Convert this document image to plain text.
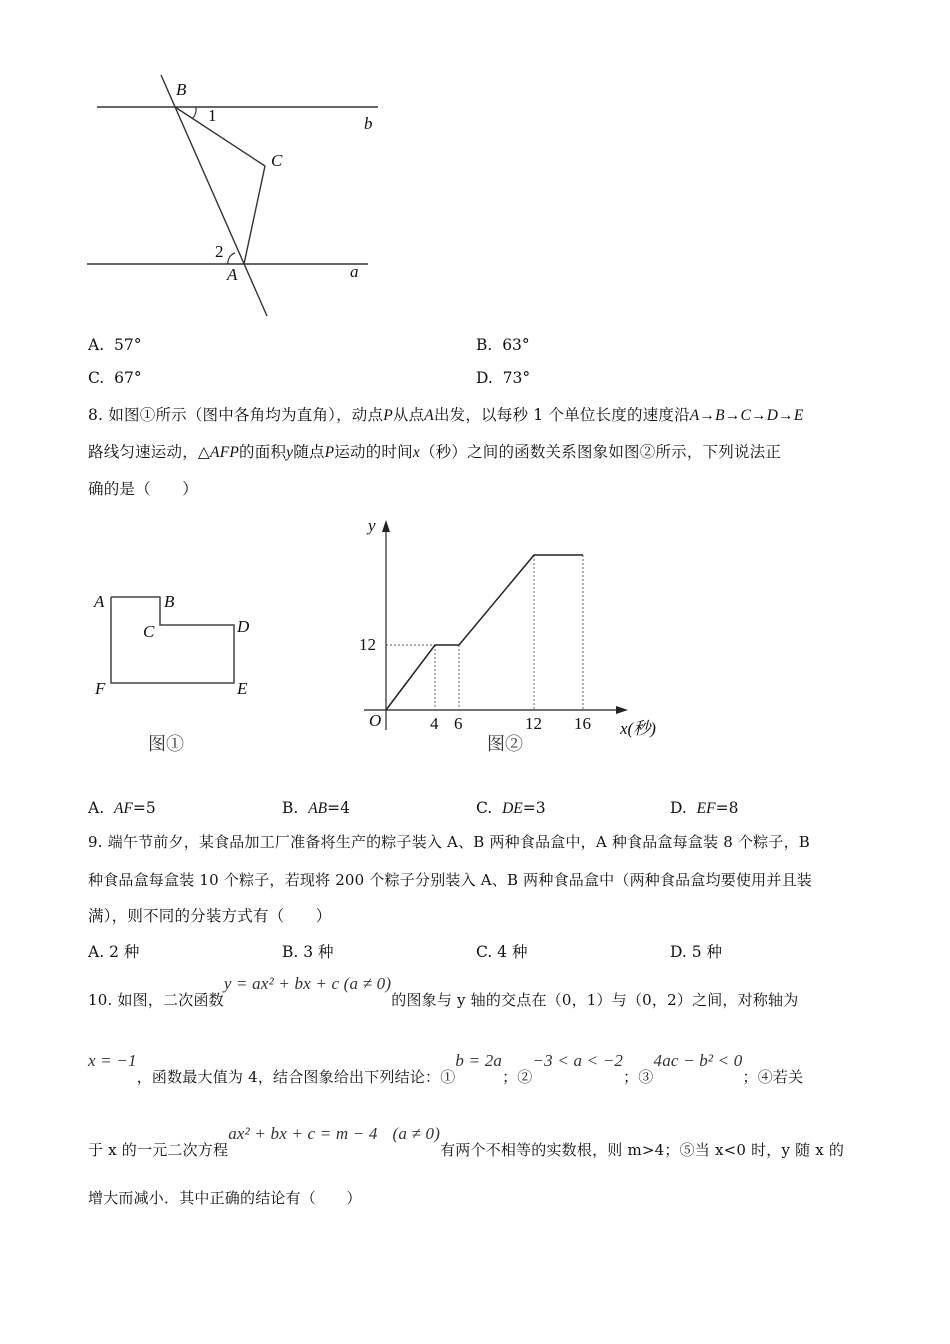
B
1	b
C
2
A	a
A. 57°	B. 63°
C. 67°	D. 73°
8. 如图①所示（图中各角均为直角），动点P从点A出发，以每秒 1 个单位长度的速度沿A→B→C→D→E
路线匀速运动，△AFP的面积y随点P运动的时间x（秒）之间的函数关系图象如图②所示，下列说法正
确的是（　　）
A	B
C	D
E
F
图①
y
12
O	4 6	12 16 x(秒)
图②
A. AF=5	B. AB=4	C. DE=3	D. EF=8
9. 端午节前夕，某食品加工厂准备将生产的粽子装入 A、B 两种食品盒中，A 种食品盒每盒装 8 个粽子，B
种食品盒每盒装 10 个粽子，若现将 200 个粽子分别装入 A、B 两种食品盒中（两种食品盒均要使用并且装
满），则不同的分装方式有（　　）
A. 2 种	B. 3 种	C. 4 种	D. 5 种
10. 如图，二次函数y = ax² + bx + c (a ≠ 0)的图象与 y 轴的交点在（0，1）与（0，2）之间，对称轴为
x = −1，函数最大值为 4，结合图象给出下列结论：①b = 2a；②−3 < a < −2；③4ac − b² < 0；④若关
于 x 的一元二次方程ax² + bx + c = m − 4 (a ≠ 0)有两个不相等的实数根，则 m>4；⑤当 x<0 时，y 随 x 的
增大而减小．其中正确的结论有（　　）
